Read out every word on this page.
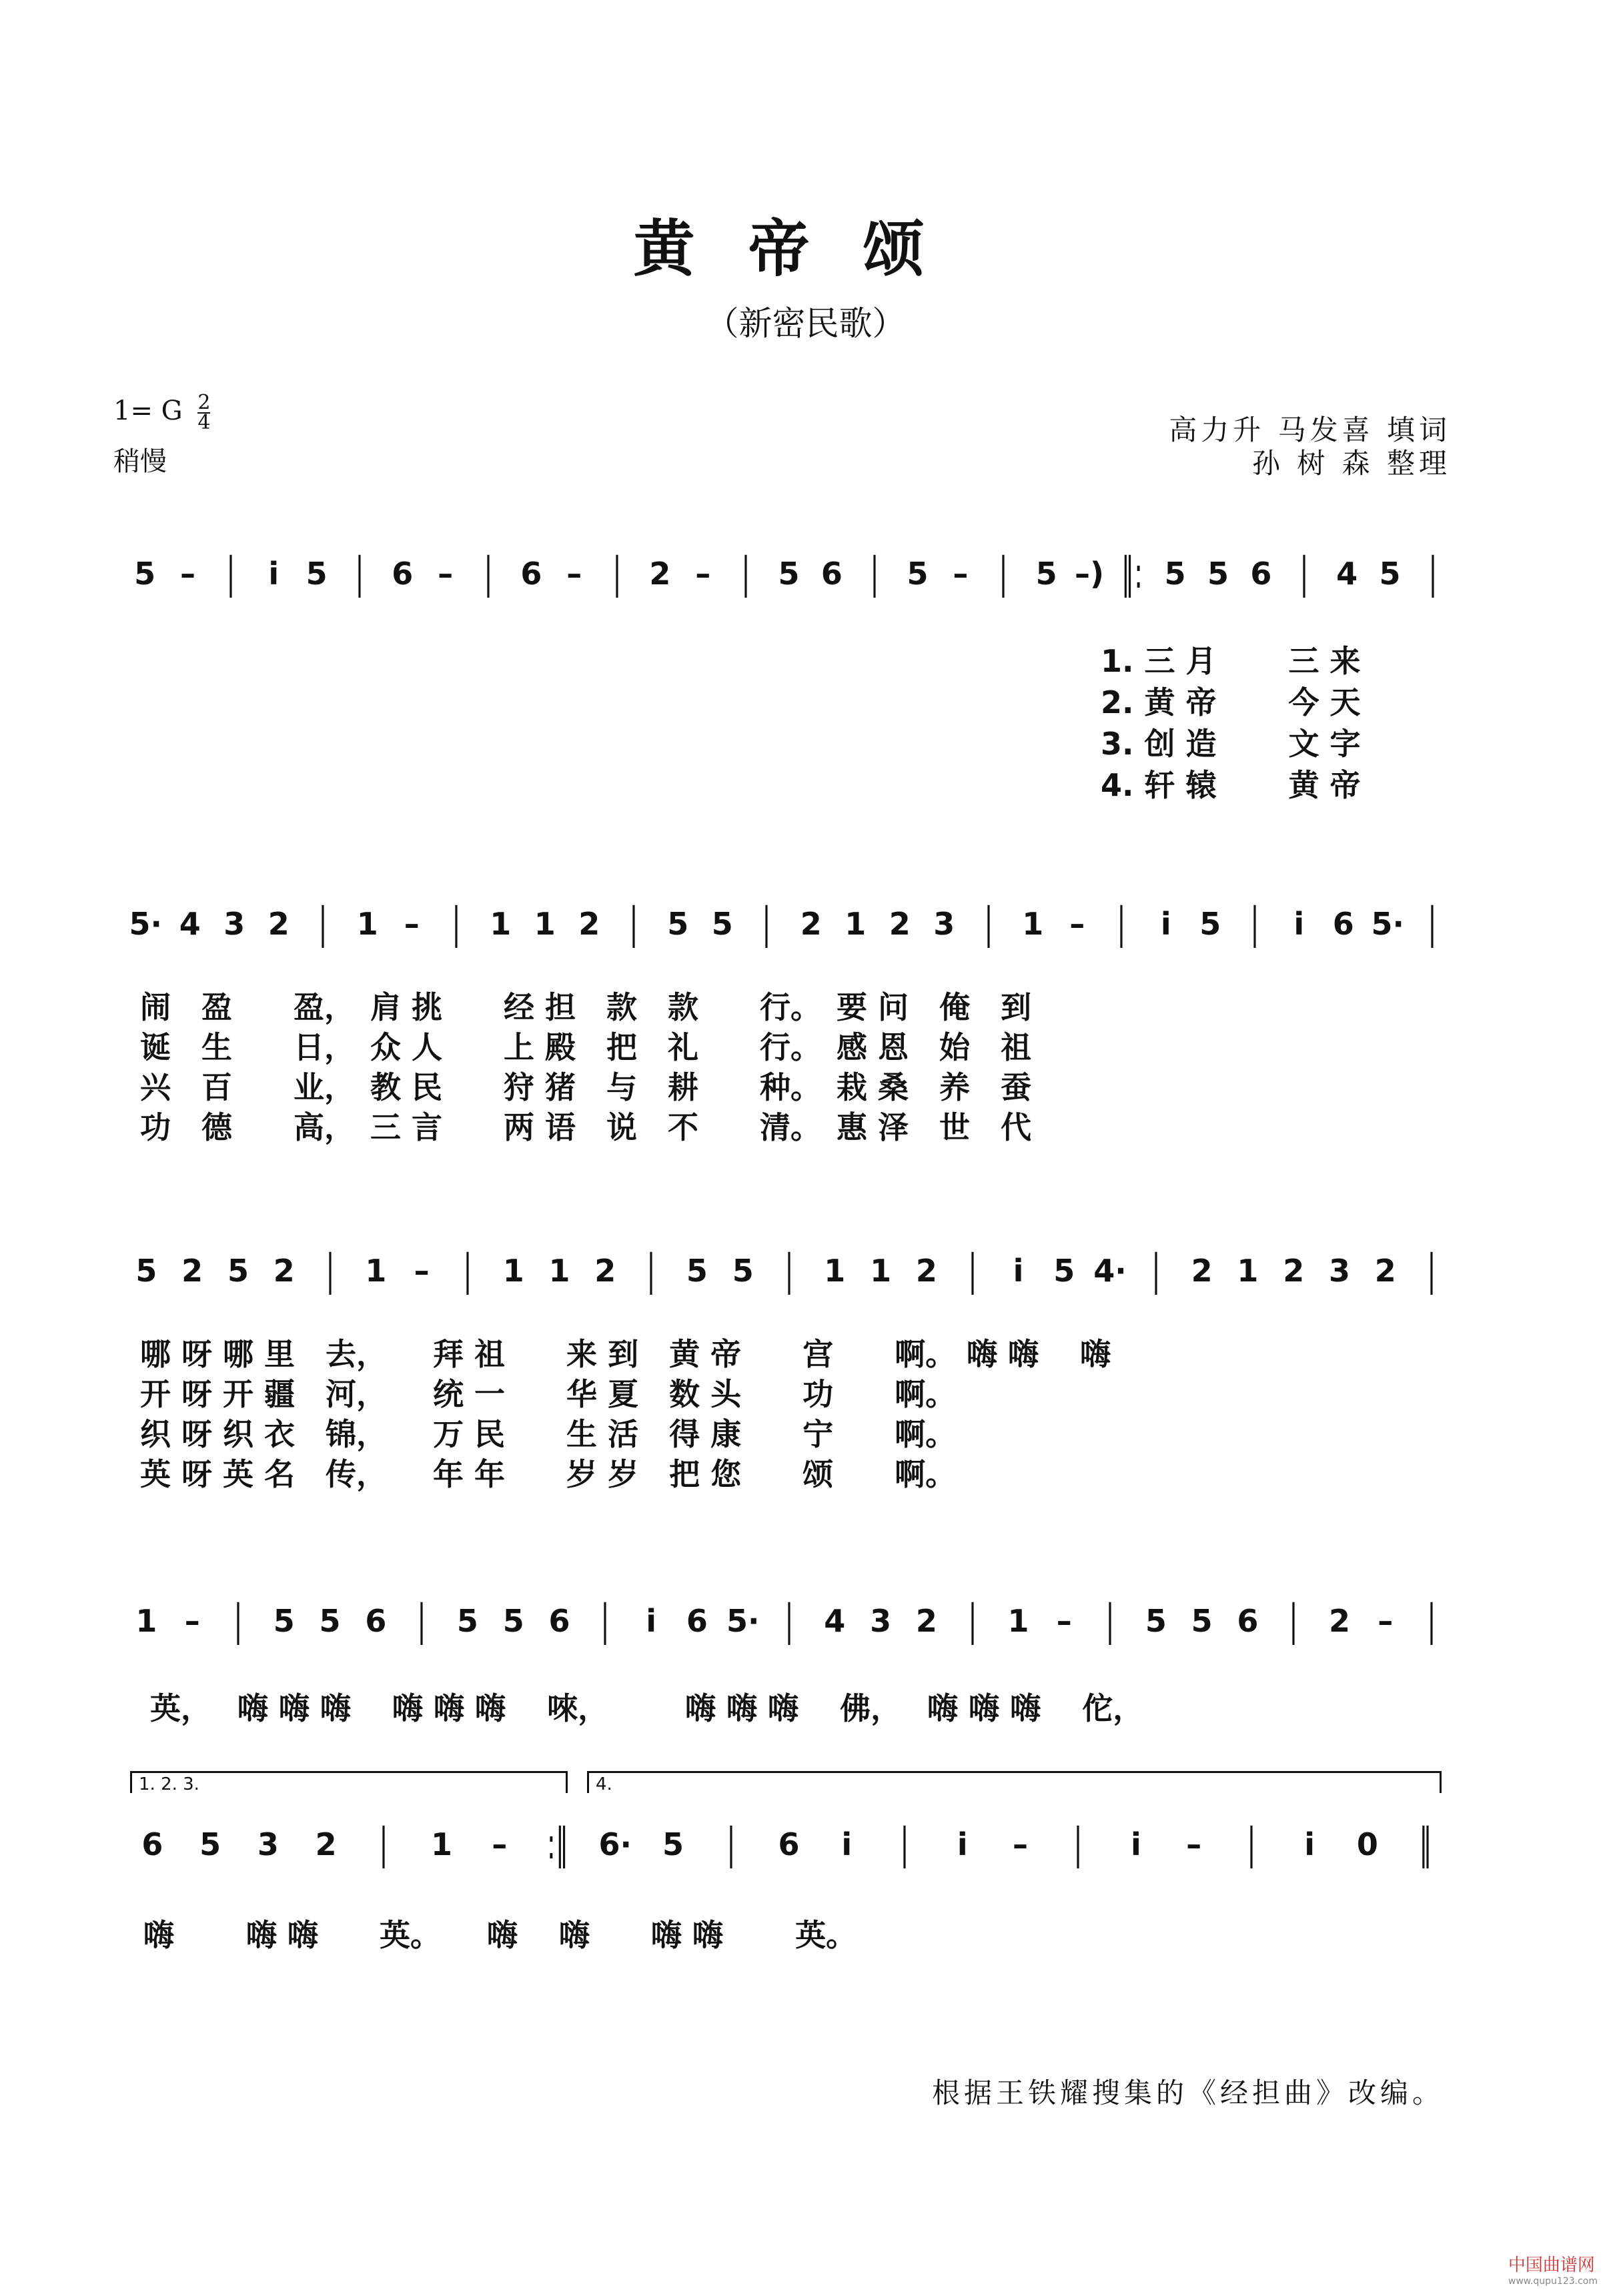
黄帝颂
（新密民歌）
1= G $\frac{2}{4}$
稍慢
高力升 马发喜 填词
孙 树 森 整理
5 – |	i 5 | 6 – | 6 – | 2 – | 5 6 | 5 – | 5 –) ‖: 5 5 6 | 4 5 |
1. 三 月　　 三 来
2. 黄 帝　　 今 天
3. 创 造　　 文 字
4. 轩 辕　　 黄 帝
5· 4 3 2 | 1 – | 1 1 2 | 5 5 | 2 1 2 3 | 1 – |	i 5 |	i 6 5· |
闹　盈　　盈，　肩 挑　　经 担　款　款　　行。　要 问　俺　到
诞　生　　日，　众 人　　上 殿　把　礼　　行。　感 恩　始　祖
兴　百　　业，　教 民　　狩 猪　与　耕　　种。　栽 桑　养　蚕
功　德　　高，　三 言　　两 语　说　不　　清。　惠 泽　世　代
5 2 5 2 |	1 – |	1 1 2 |	5 5 |	1 1 2 |	i 5 4· |	2 1 2 3 2 |
哪 呀 哪 里　去，　　拜 祖　　来 到　黄 帝　　宫　　啊。 嗨 嗨　 嗨
开 呀 开 疆　河，　　统 一　　华 夏　数 头　　功　　啊。
织 呀 织 衣　锦，　　万 民　　生 活　得 康　　宁　　啊。
英 呀 英 名　传，　　年 年　　岁 岁　把 您　　颂　　啊。
1 – |	5 5 6 |	5 5 6 |	i 6 5· |	4 3 2 |	1 – |	5 5 6 |	2 – |
英，　 嗨 嗨 嗨　 嗨 嗨 嗨　 唻，　　　嗨 嗨 嗨　 佛，　 嗨 嗨 嗨　 佗，
1. 2. 3.	4.
6	5	3	2 |	1	– :‖ 6· 5 |	6	i	|	i	–	|	i	–	|	i	0 ‖
嗨　　 嗨 嗨　　英。　　嗨　 嗨　　嗨 嗨　　 英。
根据王铁耀搜集的《经担曲》改编。
中国曲谱网
www.qupu123.com
